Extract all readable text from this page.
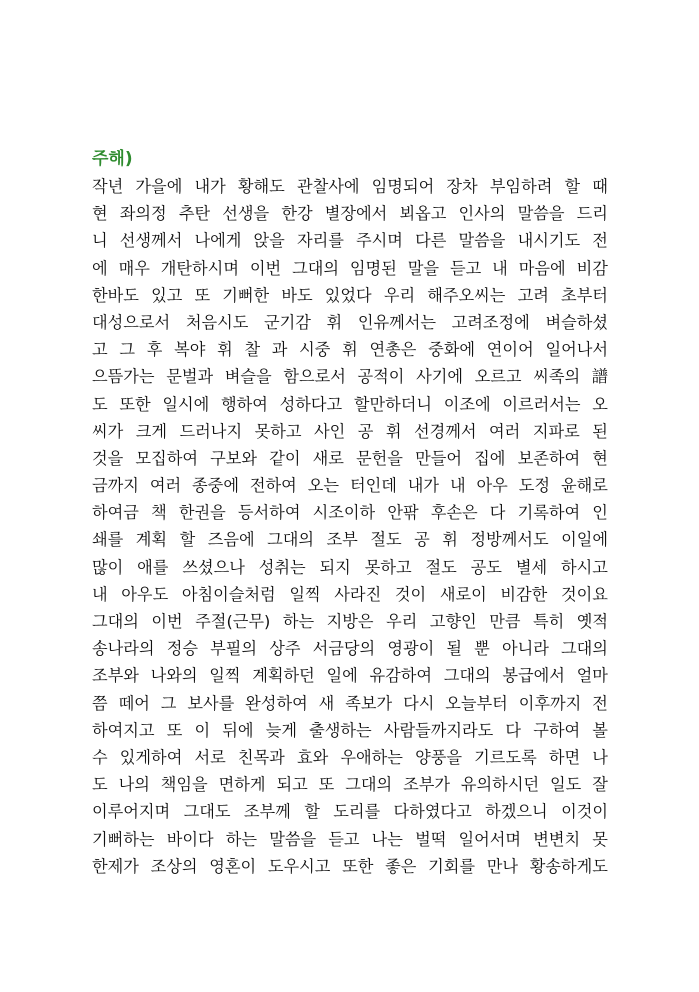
주해)
작년 가을에 내가 황해도 관찰사에 임명되어 장차 부임하려 할 때
현 좌의정 추탄 선생을 한강 별장에서 뵈옵고 인사의 말씀을 드리
니 선생께서 나에게 앉을 자리를 주시며 다른 말씀을 내시기도 전
에 매우 개탄하시며 이번 그대의 임명된 말을 듣고 내 마음에 비감
한바도 있고 또 기뻐한 바도 있었다 우리 해주오씨는 고려 초부터
대성으로서 처음시도 군기감 휘 인유께서는 고려조정에 벼슬하셨
고 그 후 복야 휘 찰 과 시중 휘 연총은 중화에 연이어 일어나서
으뜸가는 문벌과 벼슬을 함으로서 공적이 사기에 오르고 씨족의 譜
도 또한 일시에 행하여 성하다고 할만하더니 이조에 이르러서는 오
씨가 크게 드러나지 못하고 사인 공 휘 선경께서 여러 지파로 된
것을 모집하여 구보와 같이 새로 문헌을 만들어 집에 보존하여 현
금까지 여러 종중에 전하여 오는 터인데 내가 내 아우 도정 윤해로
하여금 책 한권을 등서하여 시조이하 안팎 후손은 다 기록하여 인
쇄를 계획 할 즈음에 그대의 조부 절도 공 휘 정방께서도 이일에
많이 애를 쓰셨으나 성취는 되지 못하고 절도 공도 별세 하시고
내 아우도 아침이슬처럼 일찍 사라진 것이 새로이 비감한 것이요
그대의 이번 주절(근무) 하는 지방은 우리 고향인 만큼 특히 옛적
송나라의 정승 부필의 상주 서금당의 영광이 될 뿐 아니라 그대의
조부와 나와의 일찍 계획하던 일에 유감하여 그대의 봉급에서 얼마
쯤 떼어 그 보사를 완성하여 새 족보가 다시 오늘부터 이후까지 전
하여지고 또 이 뒤에 늦게 출생하는 사람들까지라도 다 구하여 볼
수 있게하여 서로 친목과 효와 우애하는 양풍을 기르도록 하면 나
도 나의 책임을 면하게 되고 또 그대의 조부가 유의하시던 일도 잘
이루어지며 그대도 조부께 할 도리를 다하였다고 하겠으니 이것이
기뻐하는 바이다 하는 말씀을 듣고 나는 벌떡 일어서며 변변치 못
한제가 조상의 영혼이 도우시고 또한 좋은 기회를 만나 황송하게도
